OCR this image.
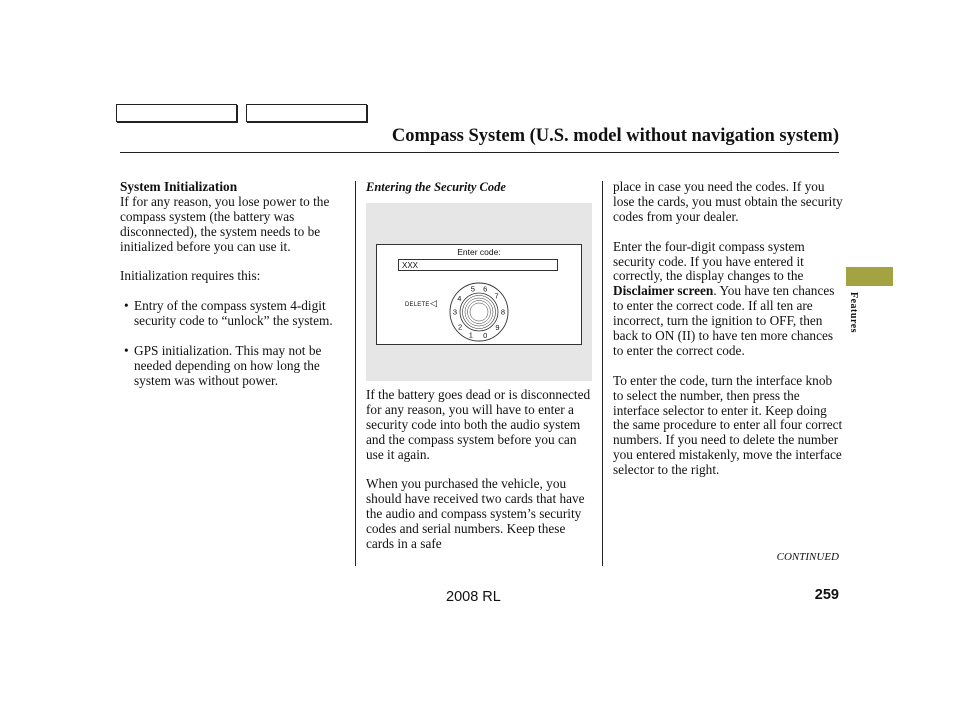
Compass System (U.S. model without navigation system)

System Initialization

If for any reason, you lose power to the compass system (the battery was disconnected), the system needs to be initialized before you can use it.

Initialization requires this:

• Entry of the compass system 4-digit security code to “unlock” the system.

• GPS initialization. This may not be needed depending on how long the system was without power.

Entering the Security Code
Enter code:
XXX
DELETE ◁
5 6
7
8
9
0
1
2
3
4

If the battery goes dead or is disconnected for any reason, you will have to enter a security code into both the audio system and the compass system before you can use it again.

When you purchased the vehicle, you should have received two cards that have the audio and compass system’s security codes and serial numbers. Keep these cards in a safe

place in case you need the codes. If you lose the cards, you must obtain the security codes from your dealer.

Enter the four-digit compass system security code. If you have entered it correctly, the display changes to the Disclaimer screen. You have ten chances to enter the correct code. If all ten are incorrect, turn the ignition to OFF, then back to ON (II) to have ten more chances to enter the correct code.

To enter the code, turn the interface knob to select the number, then press the interface selector to enter it. Keep doing the same procedure to enter all four correct numbers. If you need to delete the number you entered mistakenly, move the interface selector to the right.

Features
CONTINUED
2008 RL	259
